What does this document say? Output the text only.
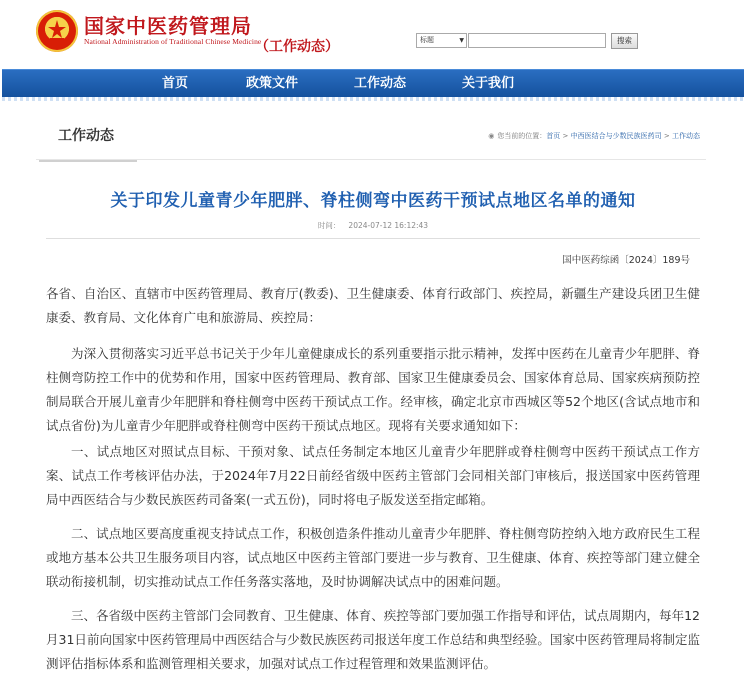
国家中医药管理局
National Administration of Traditional Chinese Medicine
（工作动态）	标题	▼	搜索
首页	政策文件	工作动态	关于我们
工作动态	◉ 您当前的位置：首页 > 中西医结合与少数民族医药司 > 工作动态
关于印发儿童青少年肥胖、脊柱侧弯中医药干预试点地区名单的通知
时间： 2024-07-12 16:12:43
国中医药综函〔2024〕189号

各省、自治区、直辖市中医药管理局、教育厅(教委)、卫生健康委、体育行政部门、疾控局，新疆生产建设兵团卫生健康委、教育局、文化体育广电和旅游局、疾控局：

为深入贯彻落实习近平总书记关于少年儿童健康成长的系列重要指示批示精神，发挥中医药在儿童青少年肥胖、脊柱侧弯防控工作中的优势和作用，国家中医药管理局、教育部、国家卫生健康委员会、国家体育总局、国家疾病预防控制局联合开展儿童青少年肥胖和脊柱侧弯中医药干预试点工作。经审核，确定北京市西城区等52个地区(含试点地市和试点省份)为儿童青少年肥胖或脊柱侧弯中医药干预试点地区。现将有关要求通知如下：

一、试点地区对照试点目标、干预对象、试点任务制定本地区儿童青少年肥胖或脊柱侧弯中医药干预试点工作方案、试点工作考核评估办法，于2024年7月22日前经省级中医药主管部门会同相关部门审核后，报送国家中医药管理局中西医结合与少数民族医药司备案(一式五份)，同时将电子版发送至指定邮箱。

二、试点地区要高度重视支持试点工作，积极创造条件推动儿童青少年肥胖、脊柱侧弯防控纳入地方政府民生工程或地方基本公共卫生服务项目内容，试点地区中医药主管部门要进一步与教育、卫生健康、体育、疾控等部门建立健全联动衔接机制，切实推动试点工作任务落实落地，及时协调解决试点中的困难问题。

三、各省级中医药主管部门会同教育、卫生健康、体育、疾控等部门要加强工作指导和评估，试点周期内，每年12月31日前向国家中医药管理局中西医结合与少数民族医药司报送年度工作总结和典型经验。国家中医药管理局将制定监测评估指标体系和监测管理相关要求，加强对试点工作过程管理和效果监测评估。
